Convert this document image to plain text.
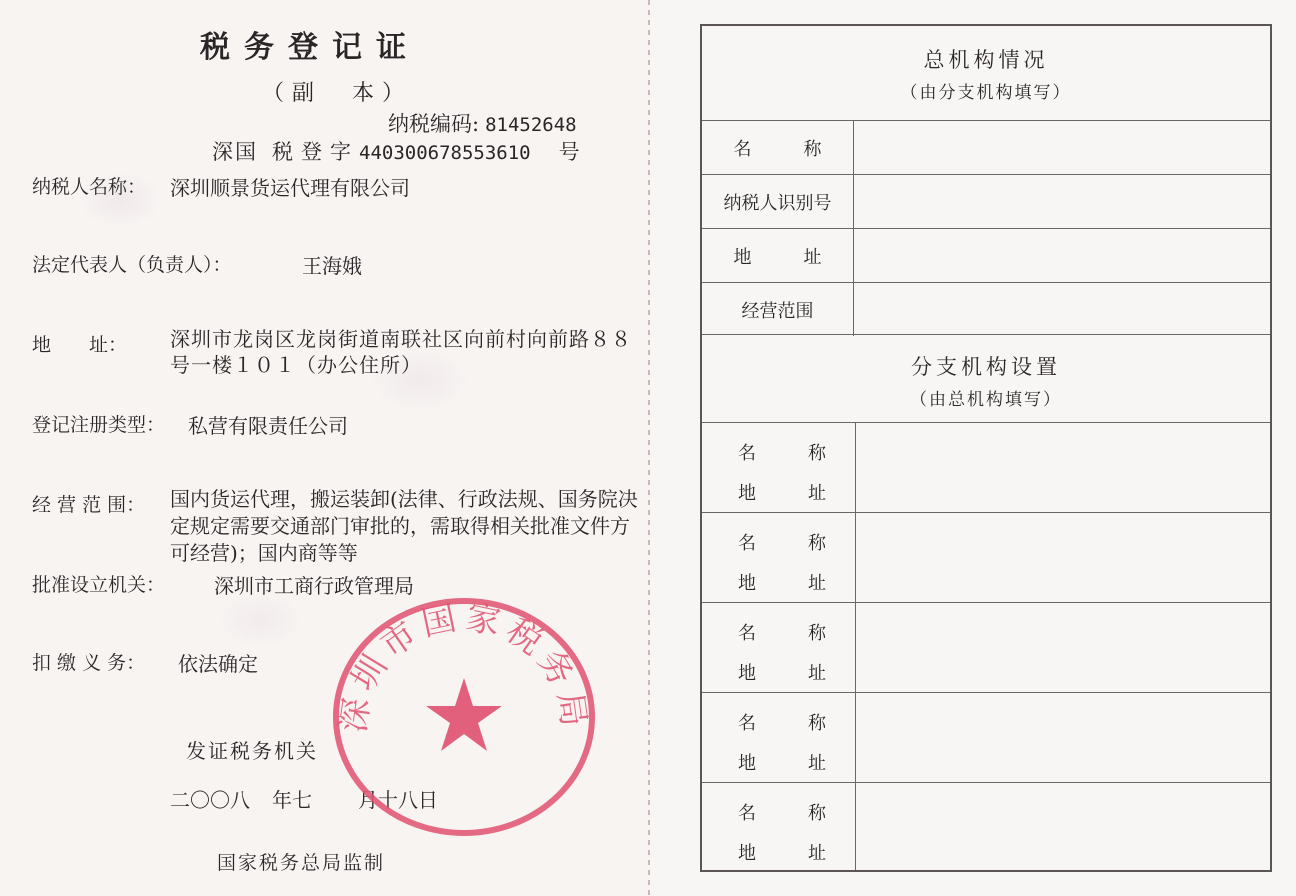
税务登记证
（副　本）
纳税编码: 81452648
深国 税登字440300678553610 号
纳税人名称： 深圳顺景货运代理有限公司
法定代表人（负责人）：	王海娥
地　　址： 深圳市龙岗区龙岗街道南联社区向前村向前路８８号一楼１０１（办公住所）
登记注册类型： 私营有限责任公司
经 营 范 围： 国内货运代理，搬运装卸(法律、行政法规、国务院决定规定需要交通部门审批的，需取得相关批准文件方可经营)；国内商等等
批准设立机关： 深圳市工商行政管理局
扣 缴 义 务： 依法确定
发证税务机关
二〇〇八 年七 月十八日
国家税务总局监制
深圳市国家税务局
总机构情况
（由分支机构填写）
名	称
纳税人识别号
地	址
经营范围
分支机构设置
（由总机构填写）
名	称
地	址
名	称
地	址
名	称
地	址
名	称
地	址
名	称
地	址
